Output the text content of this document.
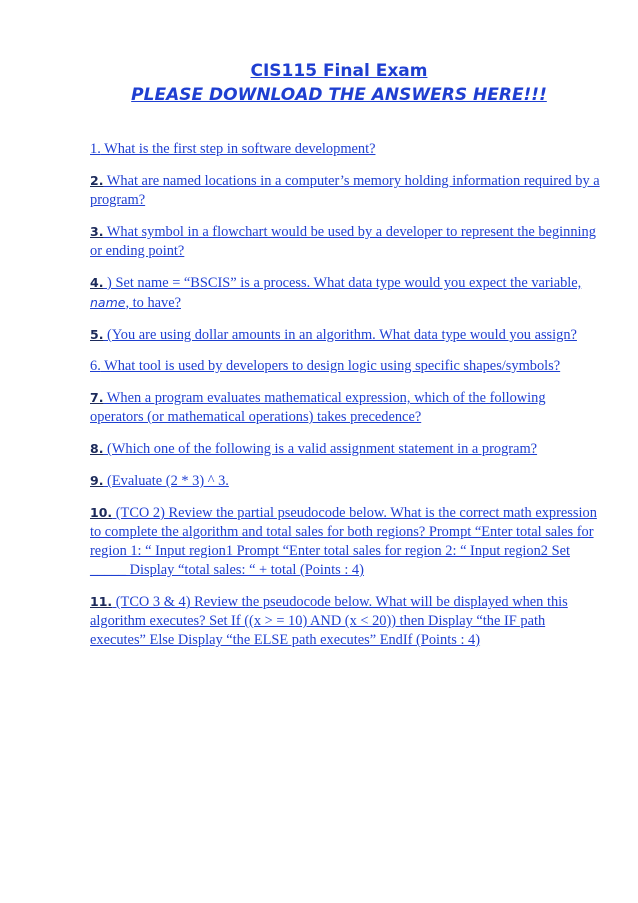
CIS115 Final Exam
PLEASE DOWNLOAD THE ANSWERS HERE!!!
1. What is the first step in software development?
2. What are named locations in a computer’s memory holding information required by a program?
3. What symbol in a flowchart would be used by a developer to represent the beginning or ending point?
4. ) Set name = “BSCIS” is a process. What data type would you expect the variable, name, to have?
5. (You are using dollar amounts in an algorithm. What data type would you assign?
6. What tool is used by developers to design logic using specific shapes/symbols?
7. When a program evaluates mathematical expression, which of the following operators (or mathematical operations) takes precedence?
8. (Which one of the following is a valid assignment statement in a program?
9. (Evaluate (2 * 3) ^ 3.
10. (TCO 2) Review the partial pseudocode below. What is the correct math expression to complete the algorithm and total sales for both regions? Prompt “Enter total sales for region 1: “ Input region1 Prompt “Enter total sales for region 2: “ Input region2 Set _____ Display “total sales: “ + total (Points : 4)
11. (TCO 3 & 4) Review the pseudocode below. What will be displayed when this algorithm executes? Set If ((x > = 10) AND (x < 20)) then Display “the IF path executes” Else Display “the ELSE path executes” EndIf (Points : 4)
